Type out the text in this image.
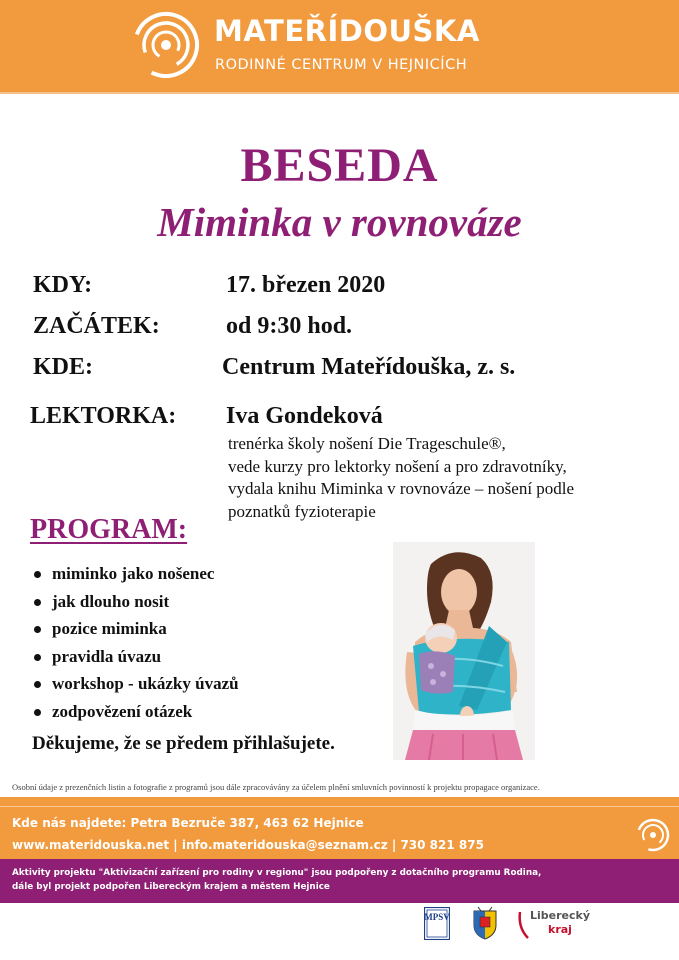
MATEŘÍDOUŠKA
RODINNÉ CENTRUM V HEJNICÍCH
BESEDA
Miminka v rovnováze
KDY:	17. březen 2020
ZAČÁTEK:	od 9:30 hod.
KDE:	Centrum Mateřídouška, z. s.
LEKTORKA: Iva Gondeková
trenérka školy nošení Die Trageschule®,
vede kurzy pro lektorky nošení a pro zdravotníky,
vydala knihu Miminka v rovnováze – nošení podle
poznatků fyzioterapie
PROGRAM:
miminko jako nošenec
jak dlouho nosit
pozice miminka
pravidla úvazu
workshop - ukázky úvazů
zodpovězení otázek
Děkujeme, že se předem přihlašujete.
Osobní údaje z prezenčních listin a fotografie z programů jsou dále zpracovávány za účelem plnění smluvních povinností k projektu propagace organizace.
Kde nás najdete: Petra Bezruče 387, 463 62 Hejnice
www.materidouska.net | info.materidouska@seznam.cz | 730 821 875
Aktivity projektu "Aktivizační zařízení pro rodiny v regionu" jsou podpořeny z dotačního programu Rodina,
dále byl projekt podpořen Libereckým krajem a městem Hejnice
MPSV	Liberecký
kraj
